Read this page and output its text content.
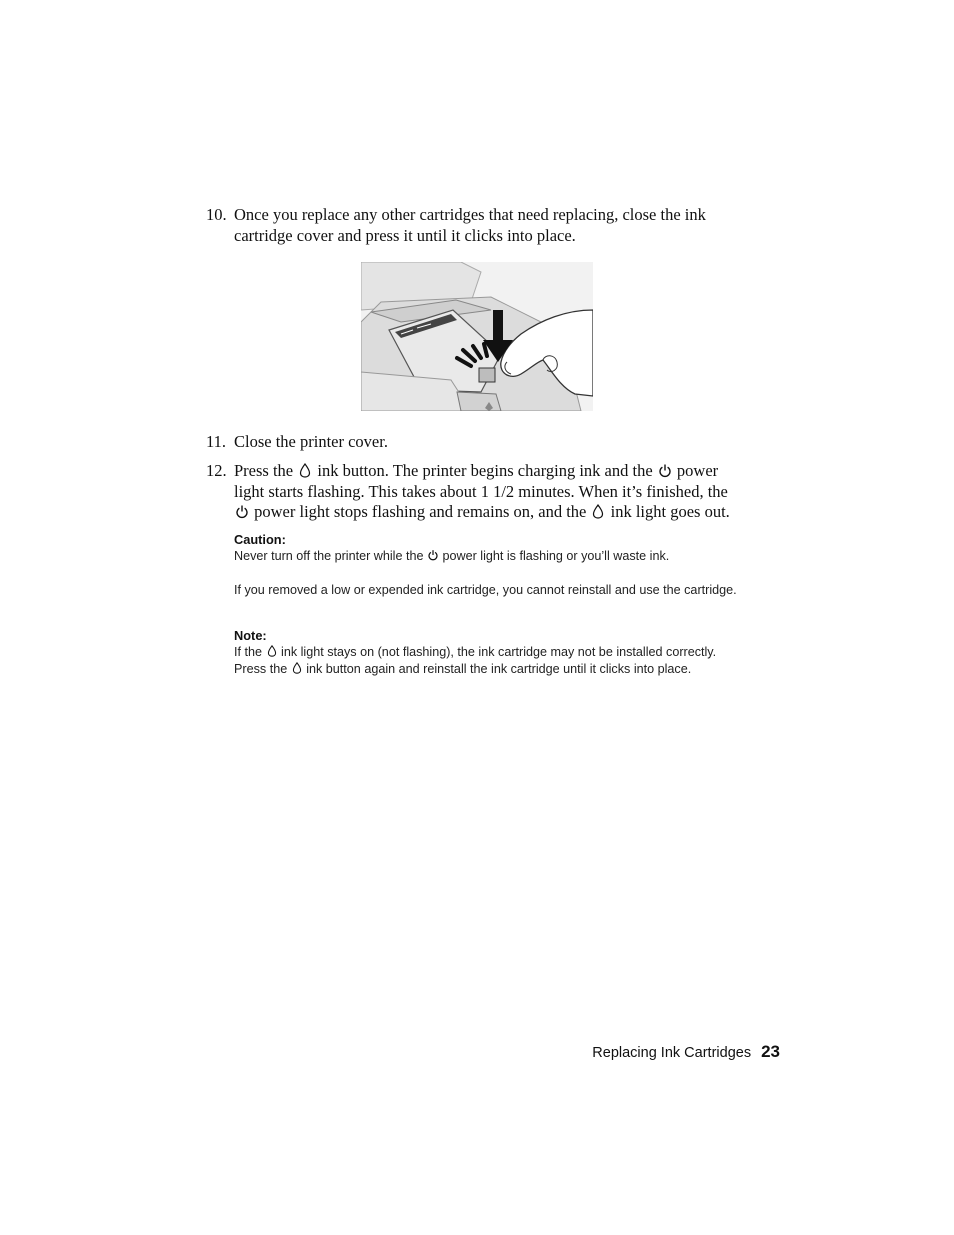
10. Once you replace any other cartridges that need replacing, close the ink cartridge cover and press it until it clicks into place.
11. Close the printer cover.
12. Press the ink button. The printer begins charging ink and the power light starts flashing. This takes about 1 1/2 minutes. When it’s finished, the
power light stops flashing and remains on, and the ink light goes out.
Caution:
Never turn off the printer while the power light is flashing or you’ll waste ink.
If you removed a low or expended ink cartridge, you cannot reinstall and use the cartridge.
Note:
If the ink light stays on (not flashing), the ink cartridge may not be installed correctly. Press the ink button again and reinstall the ink cartridge until it clicks into place.
Replacing Ink Cartridges 23
